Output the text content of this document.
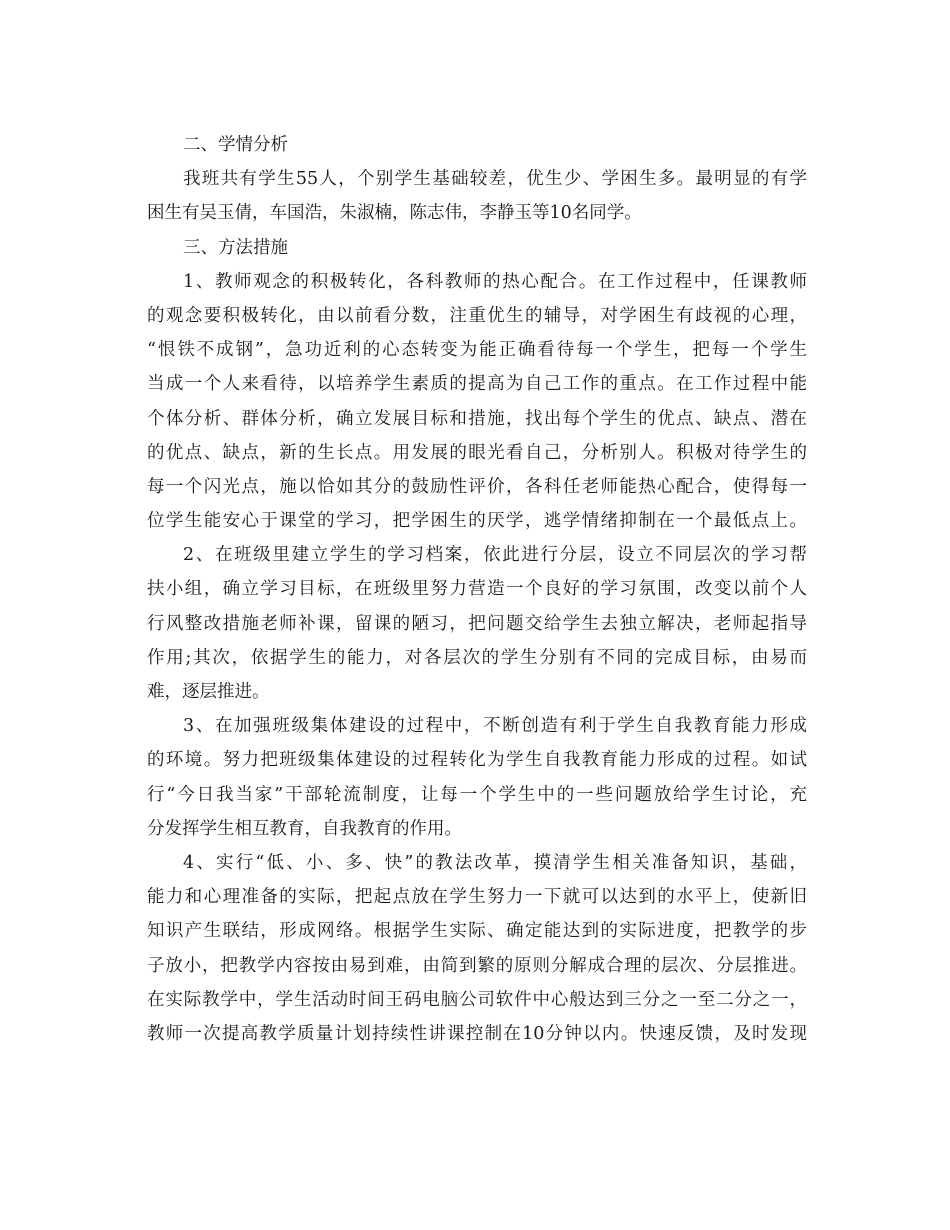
二、学情分析
我班共有学生55人，个别学生基础较差，优生少、学困生多。最明显的有学
困生有吴玉倩，车国浩，朱淑楠，陈志伟，李静玉等10名同学。
三、方法措施
1、教师观念的积极转化，各科教师的热心配合。在工作过程中，任课教师
的观念要积极转化，由以前看分数，注重优生的辅导，对学困生有歧视的心理，
“恨铁不成钢”，急功近利的心态转变为能正确看待每一个学生，把每一个学生
当成一个人来看待，以培养学生素质的提高为自己工作的重点。在工作过程中能
个体分析、群体分析，确立发展目标和措施，找出每个学生的优点、缺点、潜在
的优点、缺点，新的生长点。用发展的眼光看自己，分析别人。积极对待学生的
每一个闪光点，施以恰如其分的鼓励性评价，各科任老师能热心配合，使得每一
位学生能安心于课堂的学习，把学困生的厌学，逃学情绪抑制在一个最低点上。
2、在班级里建立学生的学习档案，依此进行分层，设立不同层次的学习帮
扶小组，确立学习目标，在班级里努力营造一个良好的学习氛围，改变以前个人
行风整改措施老师补课，留课的陋习，把问题交给学生去独立解决，老师起指导
作用;其次，依据学生的能力，对各层次的学生分别有不同的完成目标，由易而
难，逐层推进。
3、在加强班级集体建设的过程中，不断创造有利于学生自我教育能力形成
的环境。努力把班级集体建设的过程转化为学生自我教育能力形成的过程。如试
行“今日我当家”干部轮流制度，让每一个学生中的一些问题放给学生讨论，充
分发挥学生相互教育，自我教育的作用。
4、实行“低、小、多、快”的教法改革，摸清学生相关准备知识，基础，
能力和心理准备的实际，把起点放在学生努力一下就可以达到的水平上，使新旧
知识产生联结，形成网络。根据学生实际、确定能达到的实际进度，把教学的步
子放小，把教学内容按由易到难，由简到繁的原则分解成合理的层次、分层推进。
在实际教学中，学生活动时间王码电脑公司软件中心般达到三分之一至二分之一，
教师一次提高教学质量计划持续性讲课控制在10分钟以内。快速反馈，及时发现
